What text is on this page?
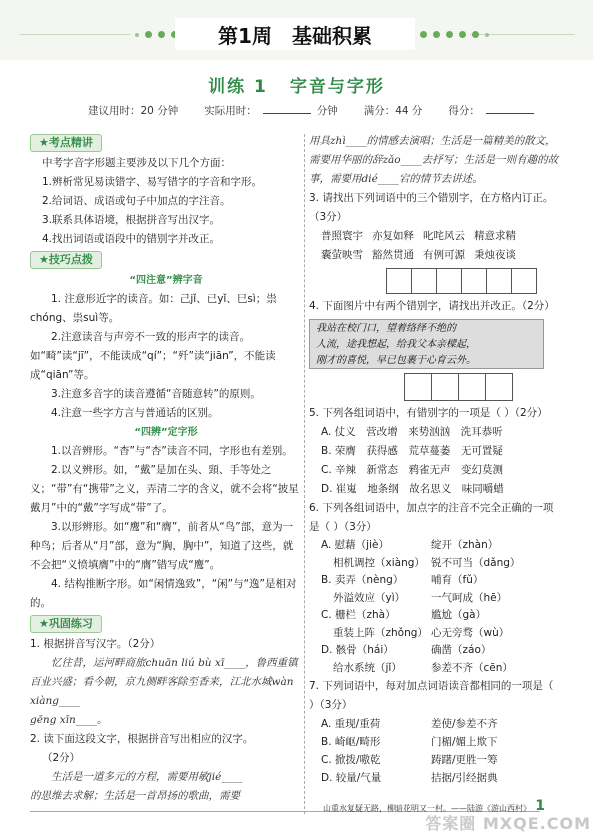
第1周 基础积累
训练 1 字音与字形
建议用时：20 分钟 实际用时：	分钟 满分：44 分 得分：
★考点精讲

中考字音字形题主要涉及以下几个方面：

1.辨析常见易读错字、易写错字的字音和字形。

2.给词语、成语或句子中加点的字注音。

3.联系具体语境，根据拼音写出汉字。

4.找出词语或语段中的错别字并改正。

★技巧点拨

“四注意”辨字音

1. 注意形近字的读音。如：己jǐ、已yǐ、巳sì；祟chóng、祟suì等。

2.注意读音与声旁不一致的形声字的读音。如“畸”读“jī”，不能读成“qí”；“歼”读“jiān”，不能读成“qiān”等。

3.注意多音字的读音遵循“音随意转”的原则。

4.注意一些字方言与普通话的区别。

“四辨”定字形

1.以音辨形。“杳”与“杏”读音不同，字形也有差别。

2.以义辨形。如，“戴”是加在头、頸、手等处之义；“带”有“携带”之义，弄清二字的含义，就不会将“披星戴月”中的“戴”字写成“带”了。

3.以形辨形。如“鹰”和“膺”，前者从“鸟”部，意为一种鸟；后者从“月”部，意为“胸，胸中”，知道了这些，就不会把“义愤填膺”中的“膺”错写成“鹰”。

4. 结构推断字形。如“闲情逸致”，“闲”与“逸”是相对的。

★巩固练习

1. 根据拼音写汉字。（2分）

忆往昔，运河畔商旅chuān liú bù xī____，鲁西重镇百业兴盛；看今朝，京九侧畔客除至香来，江北水城wàn xiàng____

gēng xīn____。

2. 读下面这段文字，根据拼音写出相应的汉字。

（2分）

生活是一道多元的方程，需要用敏jié____

的思维去求解；生活是一首昂扬的歌曲，需要

用具zhì____的情感去演唱；生活是一篇精美的散文，需要用华丽的辞zǎo____去抒写；生活是一则有趣的故事，需要用dié____宕的情节去讲述。

3. 请找出下列词语中的三个错别字，在方格内订正。（3分）

普照寰宇 亦复如释 叱咤风云 精意求精
囊萤映雪 豁然贯通 有例可源 秉烛夜谈

4. 下面图片中有两个错别字，请找出并改正。（2分）

我站在校门口，望着络绎不绝的
人流，途我想起，给我父本亲樑起，
刚才的喜悦，早已包裹于心育云外。

5. 下列各组词语中，有错别字的一项是（ ）（2分）

A. 仗义　营改增　来势汹汹　洗耳恭听

B. 荣膺　获得感　荒草蔓萎　无可置疑

C. 辛辣　新常态　鸦雀无声　变幻莫测

D. 崔嵬　地条纲　故名思义　味同嚼蜡

6. 下列各组词语中，加点字的注音不完全正确的一项是（ ）（3分）

A. 慰藉（jiè）	绽开（zhàn）
相机调控（xiàng） 锐不可当（dǎng）
B. 卖弄（nèng）	哺育（fǔ）
外溢效应（yì）	一气呵成（hē）
C. 栅栏（zhà）	尴尬（gà）
重装上阵（zhǒng） 心无旁骛（wù）
D. 骸骨（hái）	确凿（záo）
给水系统（jǐ）	参差不齐（cēn）

7. 下列词语中，每对加点词语读音都相同的一项是（ ）（3分）

A. 重现/重荷	差使/参差不齐
B. 崎岖/畸形	门楣/媚上欺下
C. 掀拨/嗷乾	踌躇/更胜一筹
D. 较量/气量	拮据/引经据典
山重水复疑无路，柳暗花明又一村。——陆游《游山西村》 1
答案圈 MXQE.COM
